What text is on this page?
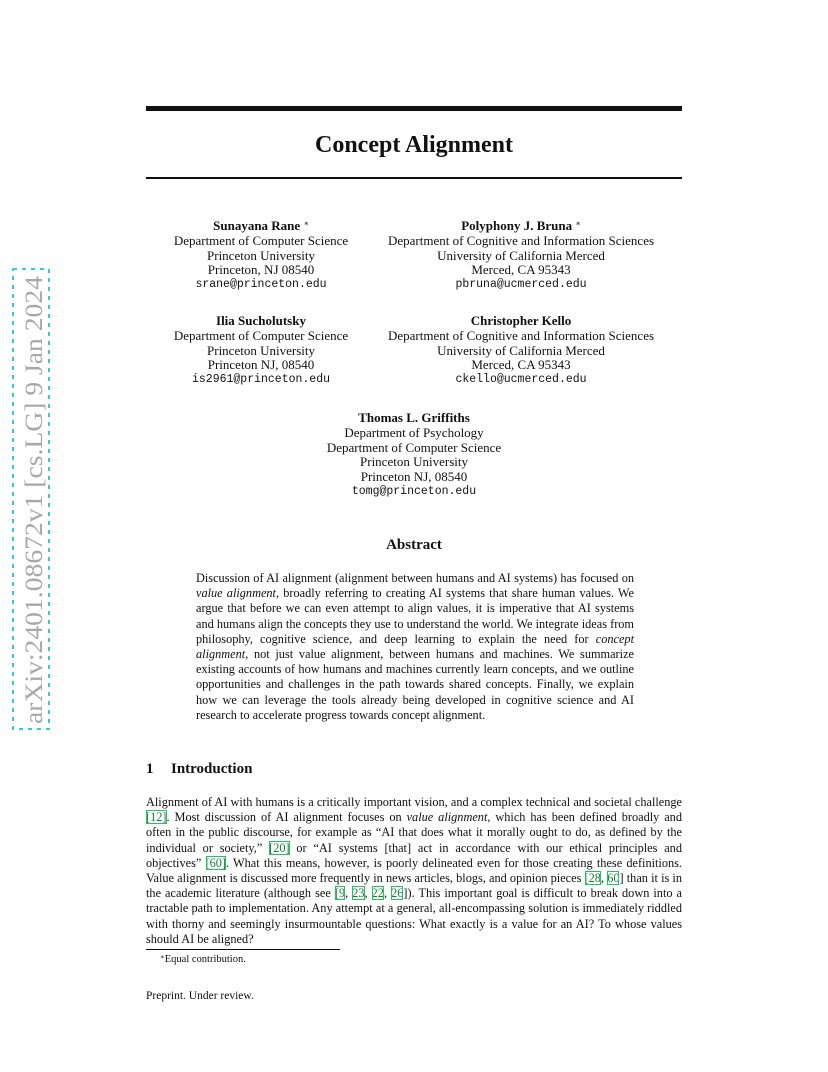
arXiv:2401.08672v1 [cs.LG] 9 Jan 2024
Concept Alignment
Sunayana Rane ∗
Department of Computer Science
Princeton University
Princeton, NJ 08540
srane@princeton.edu
Polyphony J. Bruna ∗
Department of Cognitive and Information Sciences
University of California Merced
Merced, CA 95343
pbruna@ucmerced.edu
Ilia Sucholutsky
Department of Computer Science
Princeton University
Princeton NJ, 08540
is2961@princeton.edu
Christopher Kello
Department of Cognitive and Information Sciences
University of California Merced
Merced, CA 95343
ckello@ucmerced.edu
Thomas L. Griffiths
Department of Psychology
Department of Computer Science
Princeton University
Princeton NJ, 08540
tomg@princeton.edu
Abstract

Discussion of AI alignment (alignment between humans and AI systems) has focused on value alignment, broadly referring to creating AI systems that share human values. We argue that before we can even attempt to align values, it is imperative that AI systems and humans align the concepts they use to understand the world. We integrate ideas from philosophy, cognitive science, and deep learning to explain the need for concept alignment, not just value alignment, between humans and machines. We summarize existing accounts of how humans and machines currently learn concepts, and we outline opportunities and challenges in the path towards shared concepts. Finally, we explain how we can leverage the tools already being developed in cognitive science and AI research to accelerate progress towards concept alignment.

1 Introduction

Alignment of AI with humans is a critically important vision, and a complex technical and societal challenge [12]. Most discussion of AI alignment focuses on value alignment, which has been defined broadly and often in the public discourse, for example as “AI that does what it morally ought to do, as defined by the individual or society,” [20] or “AI systems [that] act in accordance with our ethical principles and objectives” [60]. What this means, however, is poorly delineated even for those creating these definitions. Value alignment is discussed more frequently in news articles, blogs, and opinion pieces [28, 60] than it is in the academic literature (although see [9, 23, 22, 26]). This important goal is difficult to break down into a tractable path to implementation. Any attempt at a general, all-encompassing solution is immediately riddled with thorny and seemingly insurmountable questions: What exactly is a value for an AI? To whose values should AI be aligned?

∗Equal contribution.

Preprint. Under review.
